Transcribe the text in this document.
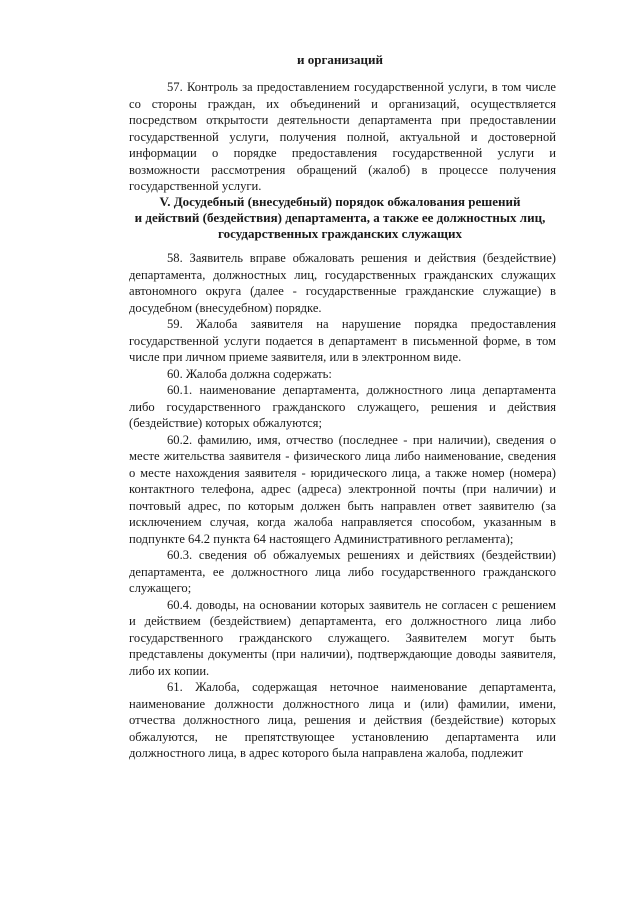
и организаций

57. Контроль за предоставлением государственной услуги, в том числе со стороны граждан, их объединений и организаций, осуществляется посредством открытости деятельности департамента при предоставлении государственной услуги, получения полной, актуальной и достоверной информации о порядке предоставления государственной услуги и возможности рассмотрения обращений (жалоб) в процессе получения государственной услуги.

V. Досудебный (внесудебный) порядок обжалования решений
и действий (бездействия) департамента, а также ее должностных лиц,
государственных гражданских служащих

58. Заявитель вправе обжаловать решения и действия (бездействие) департамента, должностных лиц, государственных гражданских служащих автономного округа (далее - государственные гражданские служащие) в досудебном (внесудебном) порядке.

59. Жалоба заявителя на нарушение порядка предоставления государственной услуги подается в департамент в письменной форме, в том числе при личном приеме заявителя, или в электронном виде.

60. Жалоба должна содержать:

60.1. наименование департамента, должностного лица департамента либо государственного гражданского служащего, решения и действия (бездействие) которых обжалуются;

60.2. фамилию, имя, отчество (последнее - при наличии), сведения о месте жительства заявителя - физического лица либо наименование, сведения о месте нахождения заявителя - юридического лица, а также номер (номера) контактного телефона, адрес (адреса) электронной почты (при наличии) и почтовый адрес, по которым должен быть направлен ответ заявителю (за исключением случая, когда жалоба направляется способом, указанным в подпункте 64.2 пункта 64 настоящего Административного регламента);

60.3. сведения об обжалуемых решениях и действиях (бездействии) департамента, ее должностного лица либо государственного гражданского служащего;

60.4. доводы, на основании которых заявитель не согласен с решением и действием (бездействием) департамента, его должностного лица либо государственного гражданского служащего. Заявителем могут быть представлены документы (при наличии), подтверждающие доводы заявителя, либо их копии.

61. Жалоба, содержащая неточное наименование департамента, наименование должности должностного лица и (или) фамилии, имени, отчества должностного лица, решения и действия (бездействие) которых обжалуются, не препятствующее установлению департамента или должностного лица, в адрес которого была направлена жалоба, подлежит
